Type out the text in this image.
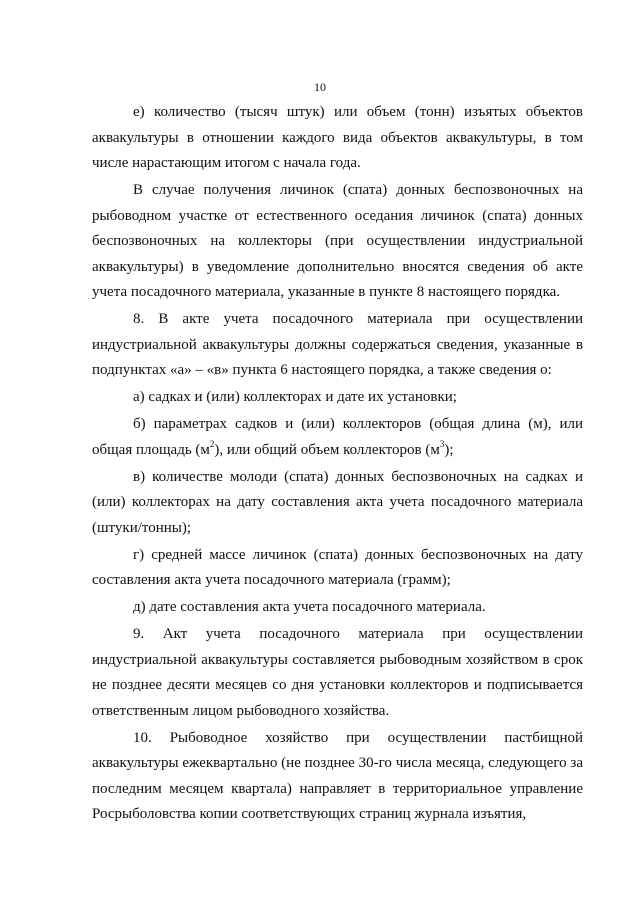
10

е) количество (тысяч штук) или объем (тонн) изъятых объектов аквакультуры в отношении каждого вида объектов аквакультуры, в том числе нарастающим итогом с начала года.

В случае получения личинок (спата) донных беспозвоночных на рыбоводном участке от естественного оседания личинок (спата) донных беспозвоночных на коллекторы (при осуществлении индустриальной аквакультуры) в уведомление дополнительно вносятся сведения об акте учета посадочного материала, указанные в пункте 8 настоящего порядка.

8. В акте учета посадочного материала при осуществлении индустриальной аквакультуры должны содержаться сведения, указанные в подпунктах «а» – «в» пункта 6 настоящего порядка, а также сведения о:

а) садках и (или) коллекторах и дате их установки;

б) параметрах садков и (или) коллекторов (общая длина (м), или общая площадь $(м^2)$, или общий объем коллекторов $(м^3)$;

в) количестве молоди (спата) донных беспозвоночных на садках и (или) коллекторах на дату составления акта учета посадочного материала (штуки/тонны);

г) средней массе личинок (спата) донных беспозвоночных на дату составления акта учета посадочного материала (грамм);

д) дате составления акта учета посадочного материала.

9. Акт учета посадочного материала при осуществлении индустриальной аквакультуры составляется рыбоводным хозяйством в срок не позднее десяти месяцев со дня установки коллекторов и подписывается ответственным лицом рыбоводного хозяйства.

10. Рыбоводное хозяйство при осуществлении пастбищной аквакультуры ежеквартально (не позднее 30-го числа месяца, следующего за последним месяцем квартала) направляет в территориальное управление Росрыболовства копии соответствующих страниц журнала изъятия,
